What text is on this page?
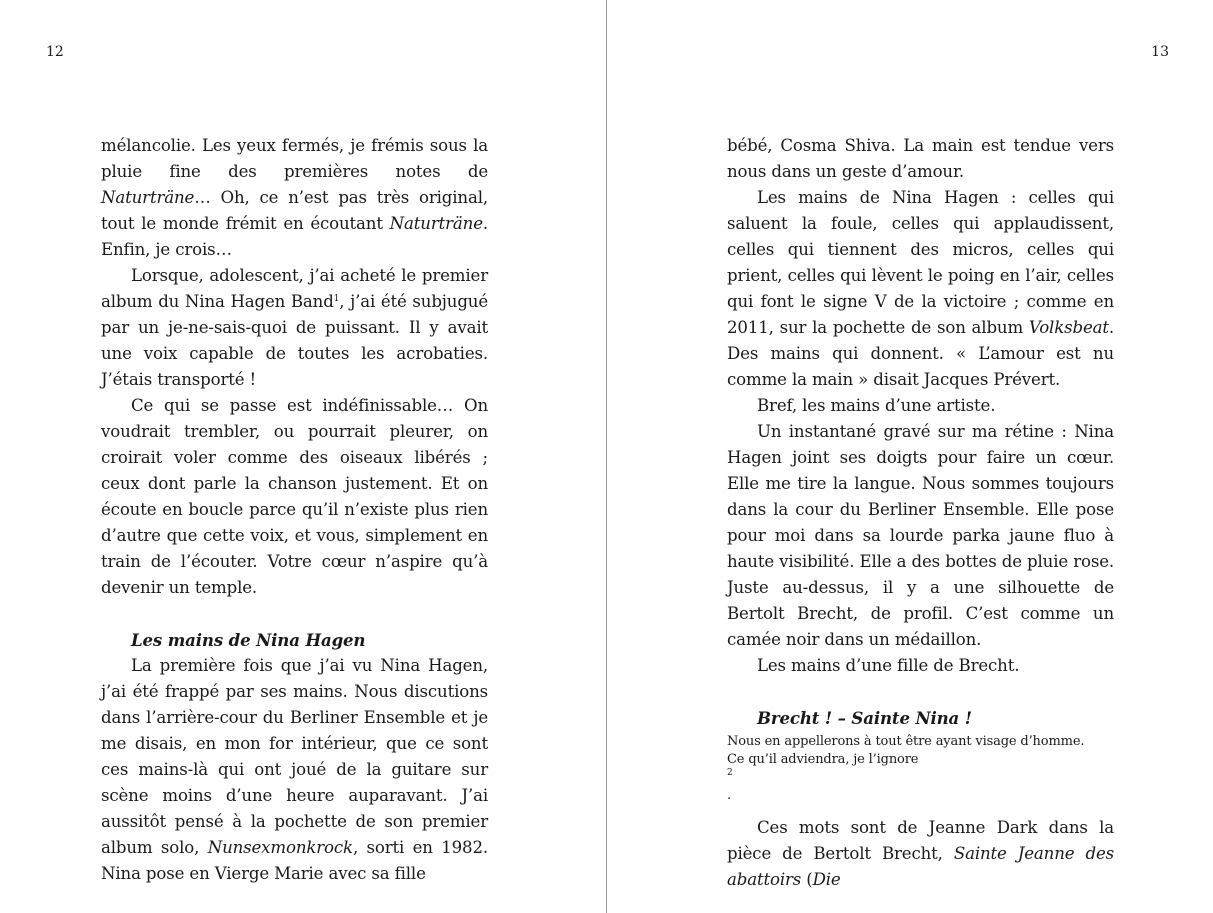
12

mélancolie. Les yeux fermés, je frémis sous la pluie fine des premières notes de Naturträne… Oh, ce n’est pas très original, tout le monde frémit en écoutant Naturträne. Enfin, je crois…

Lorsque, adolescent, j’ai acheté le premier album du Nina Hagen Band$^1$, j’ai été subjugué par un je-ne-sais-quoi de puissant. Il y avait une voix capable de toutes les acrobaties. J’étais transporté !

Ce qui se passe est indéfinissable… On voudrait trembler, ou pourrait pleurer, on croirait voler comme des oiseaux libérés ; ceux dont parle la chanson justement. Et on écoute en boucle parce qu’il n’existe plus rien d’autre que cette voix, et vous, simplement en train de l’écouter. Votre cœur n’aspire qu’à devenir un temple.

Les mains de Nina Hagen

La première fois que j’ai vu Nina Hagen, j’ai été frappé par ses mains. Nous discutions dans l’arrière-cour du Berliner Ensemble et je me disais, en mon for intérieur, que ce sont ces mains-là qui ont joué de la guitare sur scène moins d’une heure auparavant. J’ai aussitôt pensé à la pochette de son premier album solo, Nunsexmonkrock, sorti en 1982. Nina pose en Vierge Marie avec sa fille

13

bébé, Cosma Shiva. La main est tendue vers nous dans un geste d’amour.

Les mains de Nina Hagen : celles qui saluent la foule, celles qui applaudissent, celles qui tiennent des micros, celles qui prient, celles qui lèvent le poing en l’air, celles qui font le signe V de la victoire ; comme en 2011, sur la pochette de son album Volksbeat. Des mains qui donnent. « L’amour est nu comme la main » disait Jacques Prévert.

Bref, les mains d’une artiste.

Un instantané gravé sur ma rétine : Nina Hagen joint ses doigts pour faire un cœur. Elle me tire la langue. Nous sommes toujours dans la cour du Berliner Ensemble. Elle pose pour moi dans sa lourde parka jaune fluo à haute visibilité. Elle a des bottes de pluie rose. Juste au-dessus, il y a une silhouette de Bertolt Brecht, de profil. C’est comme un camée noir dans un médaillon.

Les mains d’une fille de Brecht.

Brecht ! – Sainte Nina !

Nous en appellerons à tout être ayant visage d’homme.
Ce qu’il adviendra, je l’ignore
$^2$
.

Ces mots sont de Jeanne Dark dans la pièce de Bertolt Brecht, Sainte Jeanne des abattoirs (Die
